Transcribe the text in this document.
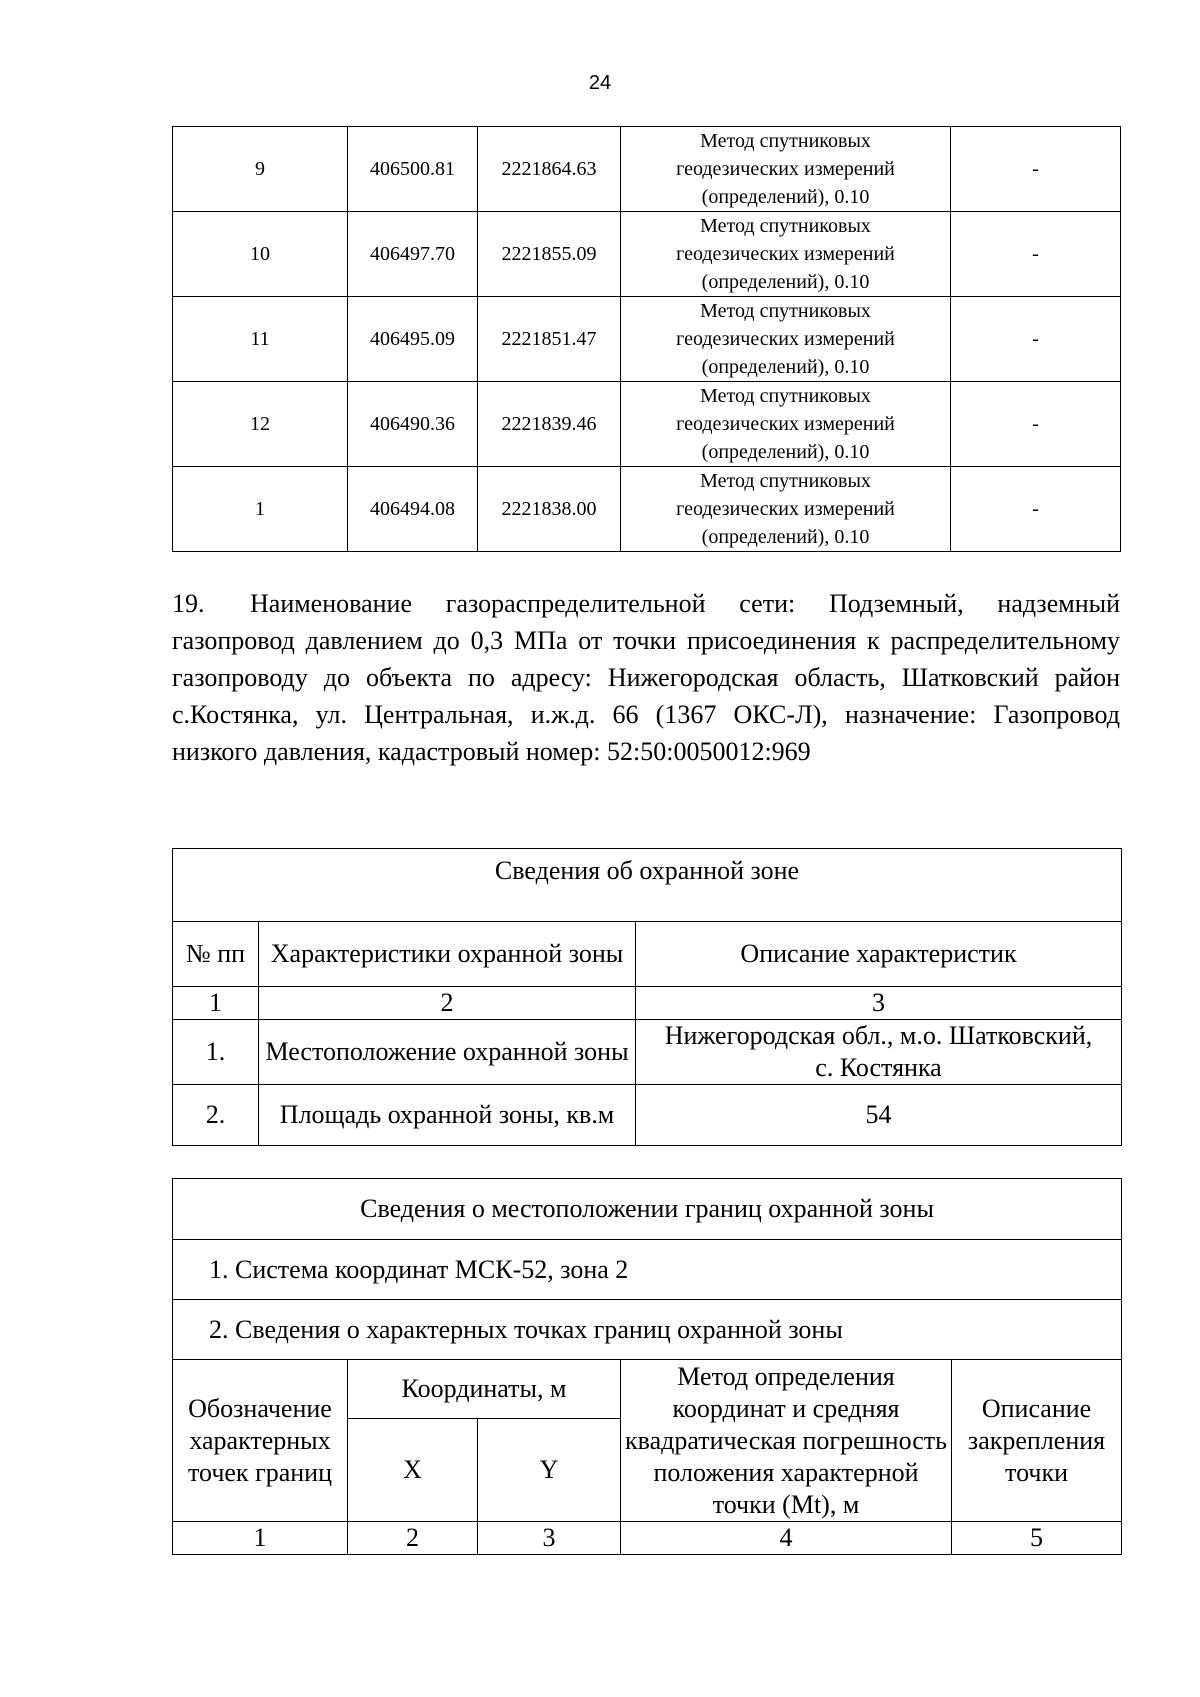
24
9	406500.81	2221864.63	Метод спутниковых
геодезических измерений
(определений), 0.10	-
10	406497.70	2221855.09	Метод спутниковых
геодезических измерений
(определений), 0.10	-
11	406495.09	2221851.47	Метод спутниковых
геодезических измерений
(определений), 0.10	-
12	406490.36	2221839.46	Метод спутниковых
геодезических измерений
(определений), 0.10	-
1	406494.08	2221838.00	Метод спутниковых
геодезических измерений
(определений), 0.10	-
19. Наименование газораспределительной сети: Подземный, надземный газопровод давлением до 0,3 МПа от точки присоединения к распределительному газопроводу до объекта по адресу: Нижегородская область, Шатковский район с.Костянка, ул. Центральная, и.ж.д. 66 (1367 ОКС-Л), назначение: Газопровод низкого давления, кадастровый номер: 52:50:0050012:969
Сведения об охранной зоне		
№ пп	Характеристики охранной зоны	Описание характеристик
1	2	3
1.	Местоположение охранной зоны	Нижегородская обл., м.о. Шатковский,
с. Костянка

2.	Площадь охранной зоны, кв.м	54
Сведения о местоположении границ охранной зоны				
1. Система координат МСК-52, зона 2				
2. Сведения о характерных точках границ охранной зоны				
Обозначение характерных точек границ	Координаты, м		Метод определения координат и средняя квадратическая погрешность положения характерной точки (Mt), м	Описание закрепления точки
	X	Y		
1	2	3	4	5
